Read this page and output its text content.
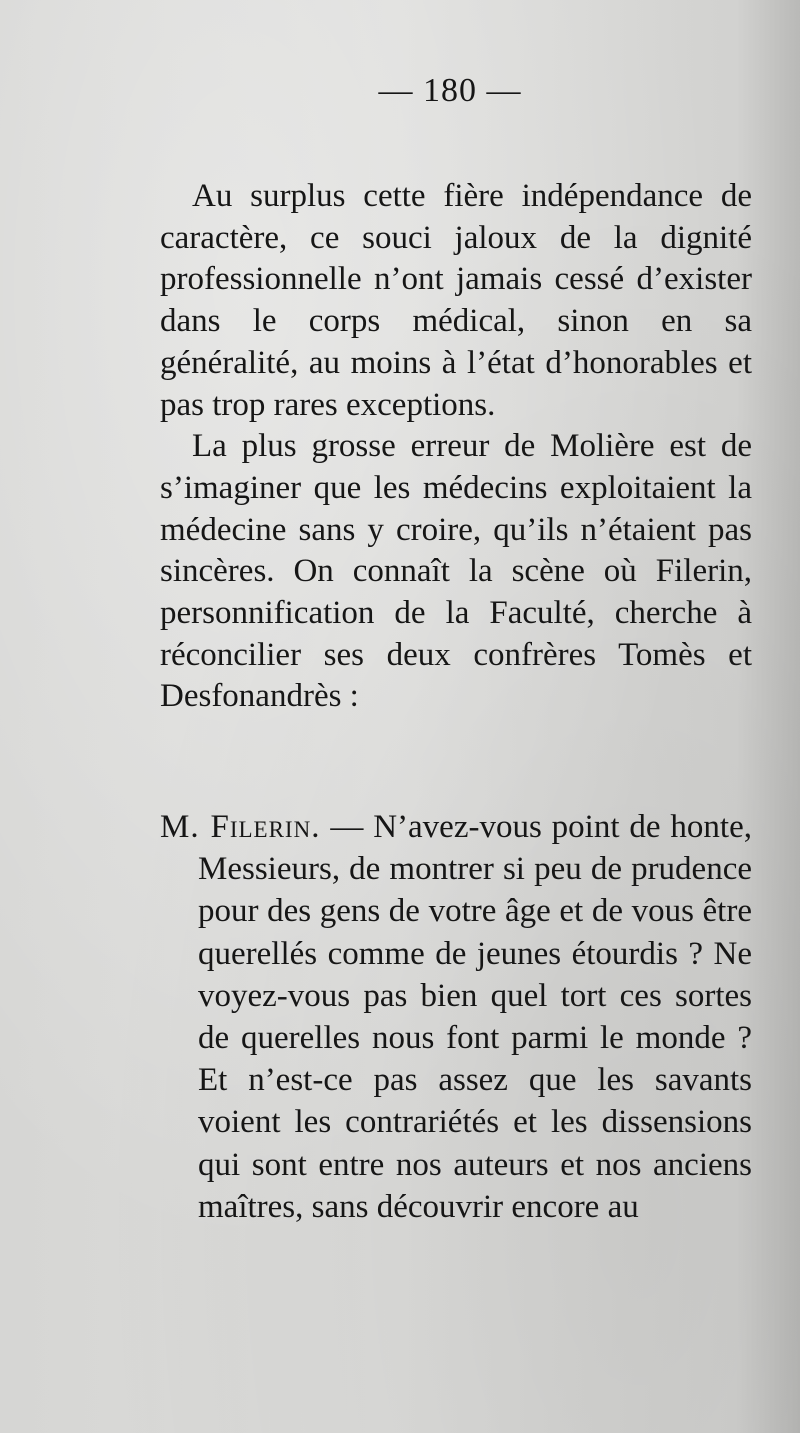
— 180 —

Au surplus cette fière indépendance de caractère, ce souci jaloux de la dignité professionnelle n’ont jamais cessé d’exister dans le corps médical, sinon en sa généralité, au moins à l’état d’honorables et pas trop rares exceptions.

La plus grosse erreur de Molière est de s’imaginer que les médecins exploitaient la médecine sans y croire, qu’ils n’étaient pas sincères. On connaît la scène où Filerin, personnification de la Faculté, cherche à réconcilier ses deux confrères Tomès et Desfonandrès :

M. Filerin. — N’avez-vous point de honte, Messieurs, de montrer si peu de prudence pour des gens de votre âge et de vous être querellés comme de jeunes étourdis ? Ne voyez-vous pas bien quel tort ces sortes de querelles nous font parmi le monde ? Et n’est-ce pas assez que les savants voient les contrariétés et les dissensions qui sont entre nos auteurs et nos anciens maîtres, sans découvrir encore au
